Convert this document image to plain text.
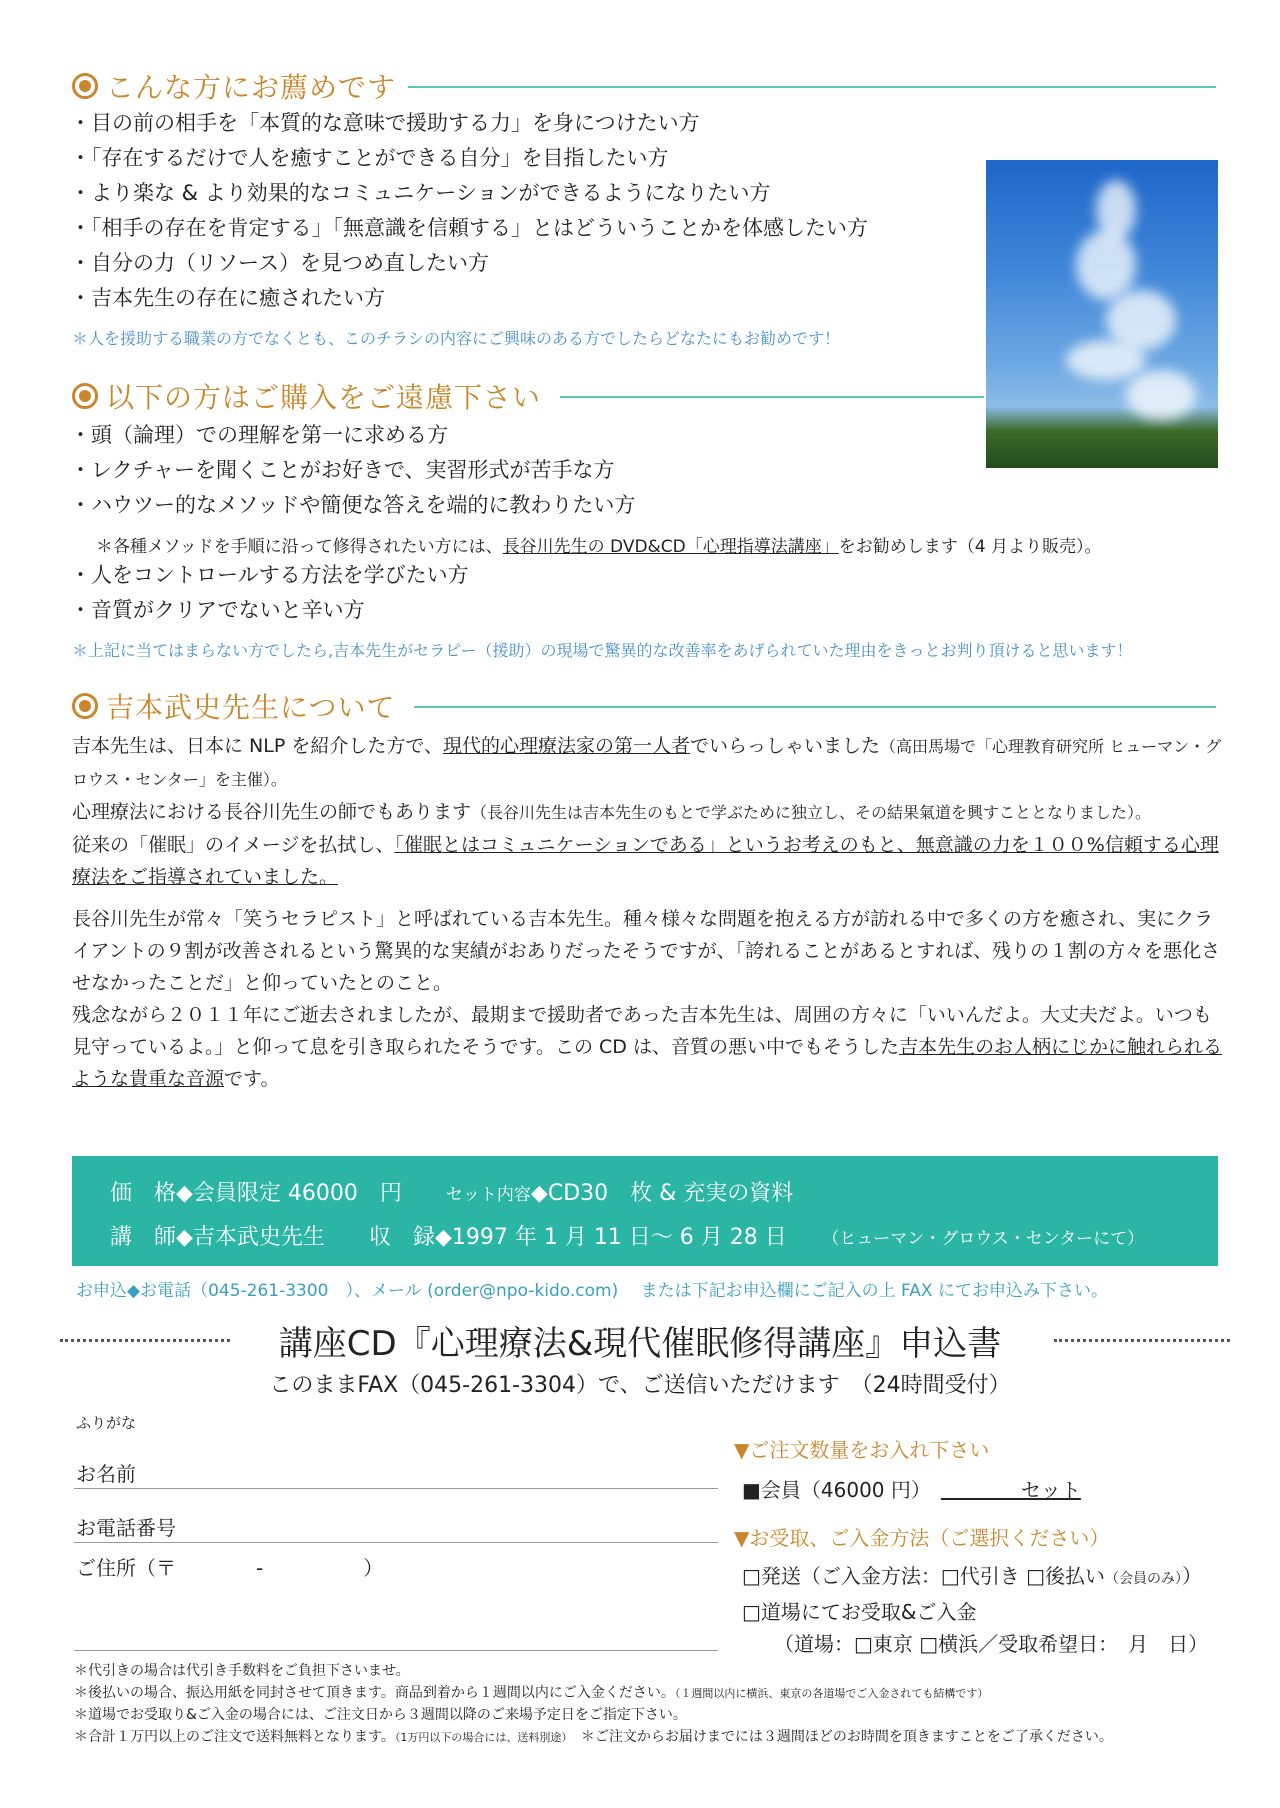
こんな方にお薦めです
・ 目の前の相手を「本質的な意味で援助する力」を身につけたい方
・ 「存在するだけで人を癒すことができる自分」を目指したい方
・ より楽な & より効果的なコミュニケーションができるようになりたい方
・ 「相手の存在を肯定する」「無意識を信頼する」とはどういうことかを体感したい方
・ 自分の力（リソース）を見つめ直したい方
・ 吉本先生の存在に癒されたい方
＊人を援助する職業の方でなくとも、このチラシの内容にご興味のある方でしたらどなたにもお勧めです！
以下の方はご購入をご遠慮下さい
・ 頭（論理）での理解を第一に求める方
・ レクチャーを聞くことがお好きで、実習形式が苦手な方
・ ハウツー的なメソッドや簡便な答えを端的に教わりたい方
＊各種メソッドを手順に沿って修得されたい方には、長谷川先生の DVD&CD「心理指導法講座」をお勧めします（4 月より販売）。
・ 人をコントロールする方法を学びたい方
・ 音質がクリアでないと辛い方
＊上記に当てはまらない方でしたら,吉本先生がセラピー（援助）の現場で驚異的な改善率をあげられていた理由をきっとお判り頂けると思います！
吉本武史先生について

吉本先生は、日本に NLP を紹介した方で、現代的心理療法家の第一人者でいらっしゃいました（高田馬場で「心理教育研究所 ヒューマン・グロウス・センター」を主催）。

心理療法における長谷川先生の師でもあります（長谷川先生は吉本先生のもとで学ぶために独立し、その結果氣道を興すこととなりました）。

従来の「催眠」のイメージを払拭し、「催眠とはコミュニケーションである」というお考えのもと、無意識の力を１００%信頼する心理療法をご指導されていました。

長谷川先生が常々「笑うセラピスト」と呼ばれている吉本先生。種々様々な問題を抱える方が訪れる中で多くの方を癒され、実にクライアントの９割が改善されるという驚異的な実績がおありだったそうですが、「誇れることがあるとすれば、残りの１割の方々を悪化させなかったことだ」と仰っていたとのこと。

残念ながら２０１１年にご逝去されましたが、最期まで援助者であった吉本先生は、周囲の方々に「いいんだよ。大丈夫だよ。いつも見守っているよ。」と仰って息を引き取られたそうです。この CD は、音質の悪い中でもそうした吉本先生のお人柄にじかに触れられるような貴重な音源です。

価　格◆会員限定 46000　円　　	セット内容◆CD30　枚 & 充実の資料
講　師◆吉本武史先生　　 収　録◆1997 年 1 月 11 日〜 6 月 28 日　　	（ヒューマン・グロウス・センターにて）
お申込◆お電話（045-261-3300　）、メール (order@npo-kido.com)　 または下記お申込欄にご記入の上 FAX にてお申込み下さい。
講座CD『心理療法&現代催眠修得講座』申込書
このままFAX（045-261-3304）で、ご送信いただけます　（24時間受付）
ふりがな
お名前
お電話番号
ご住所（〒　　　　-　　　　　）
▼ご注文数量をお入れ下さい
■会員（46000 円）　　　　　セット
▼お受取、ご入金方法（ご選択ください）
□発送（ご入金方法：□代引き □後払い（会員のみ））
□道場にてお受取&ご入金
（道場：□東京 □横浜／受取希望日：　月　日）
＊代引きの場合は代引き手数料をご負担下さいませ。
＊後払いの場合、振込用紙を同封させて頂きます。商品到着から１週間以内にご入金ください。（１週間以内に横浜、東京の各道場でご入金されても結構です）
＊道場でお受取り&ご入金の場合には、ご注文日から３週間以降のご来場予定日をご指定下さい。
＊合計１万円以上のご注文で送料無料となります。（1万円以下の場合には、送料別途）　 ＊ご注文からお届けまでには３週間ほどのお時間を頂きますことをご了承ください。
